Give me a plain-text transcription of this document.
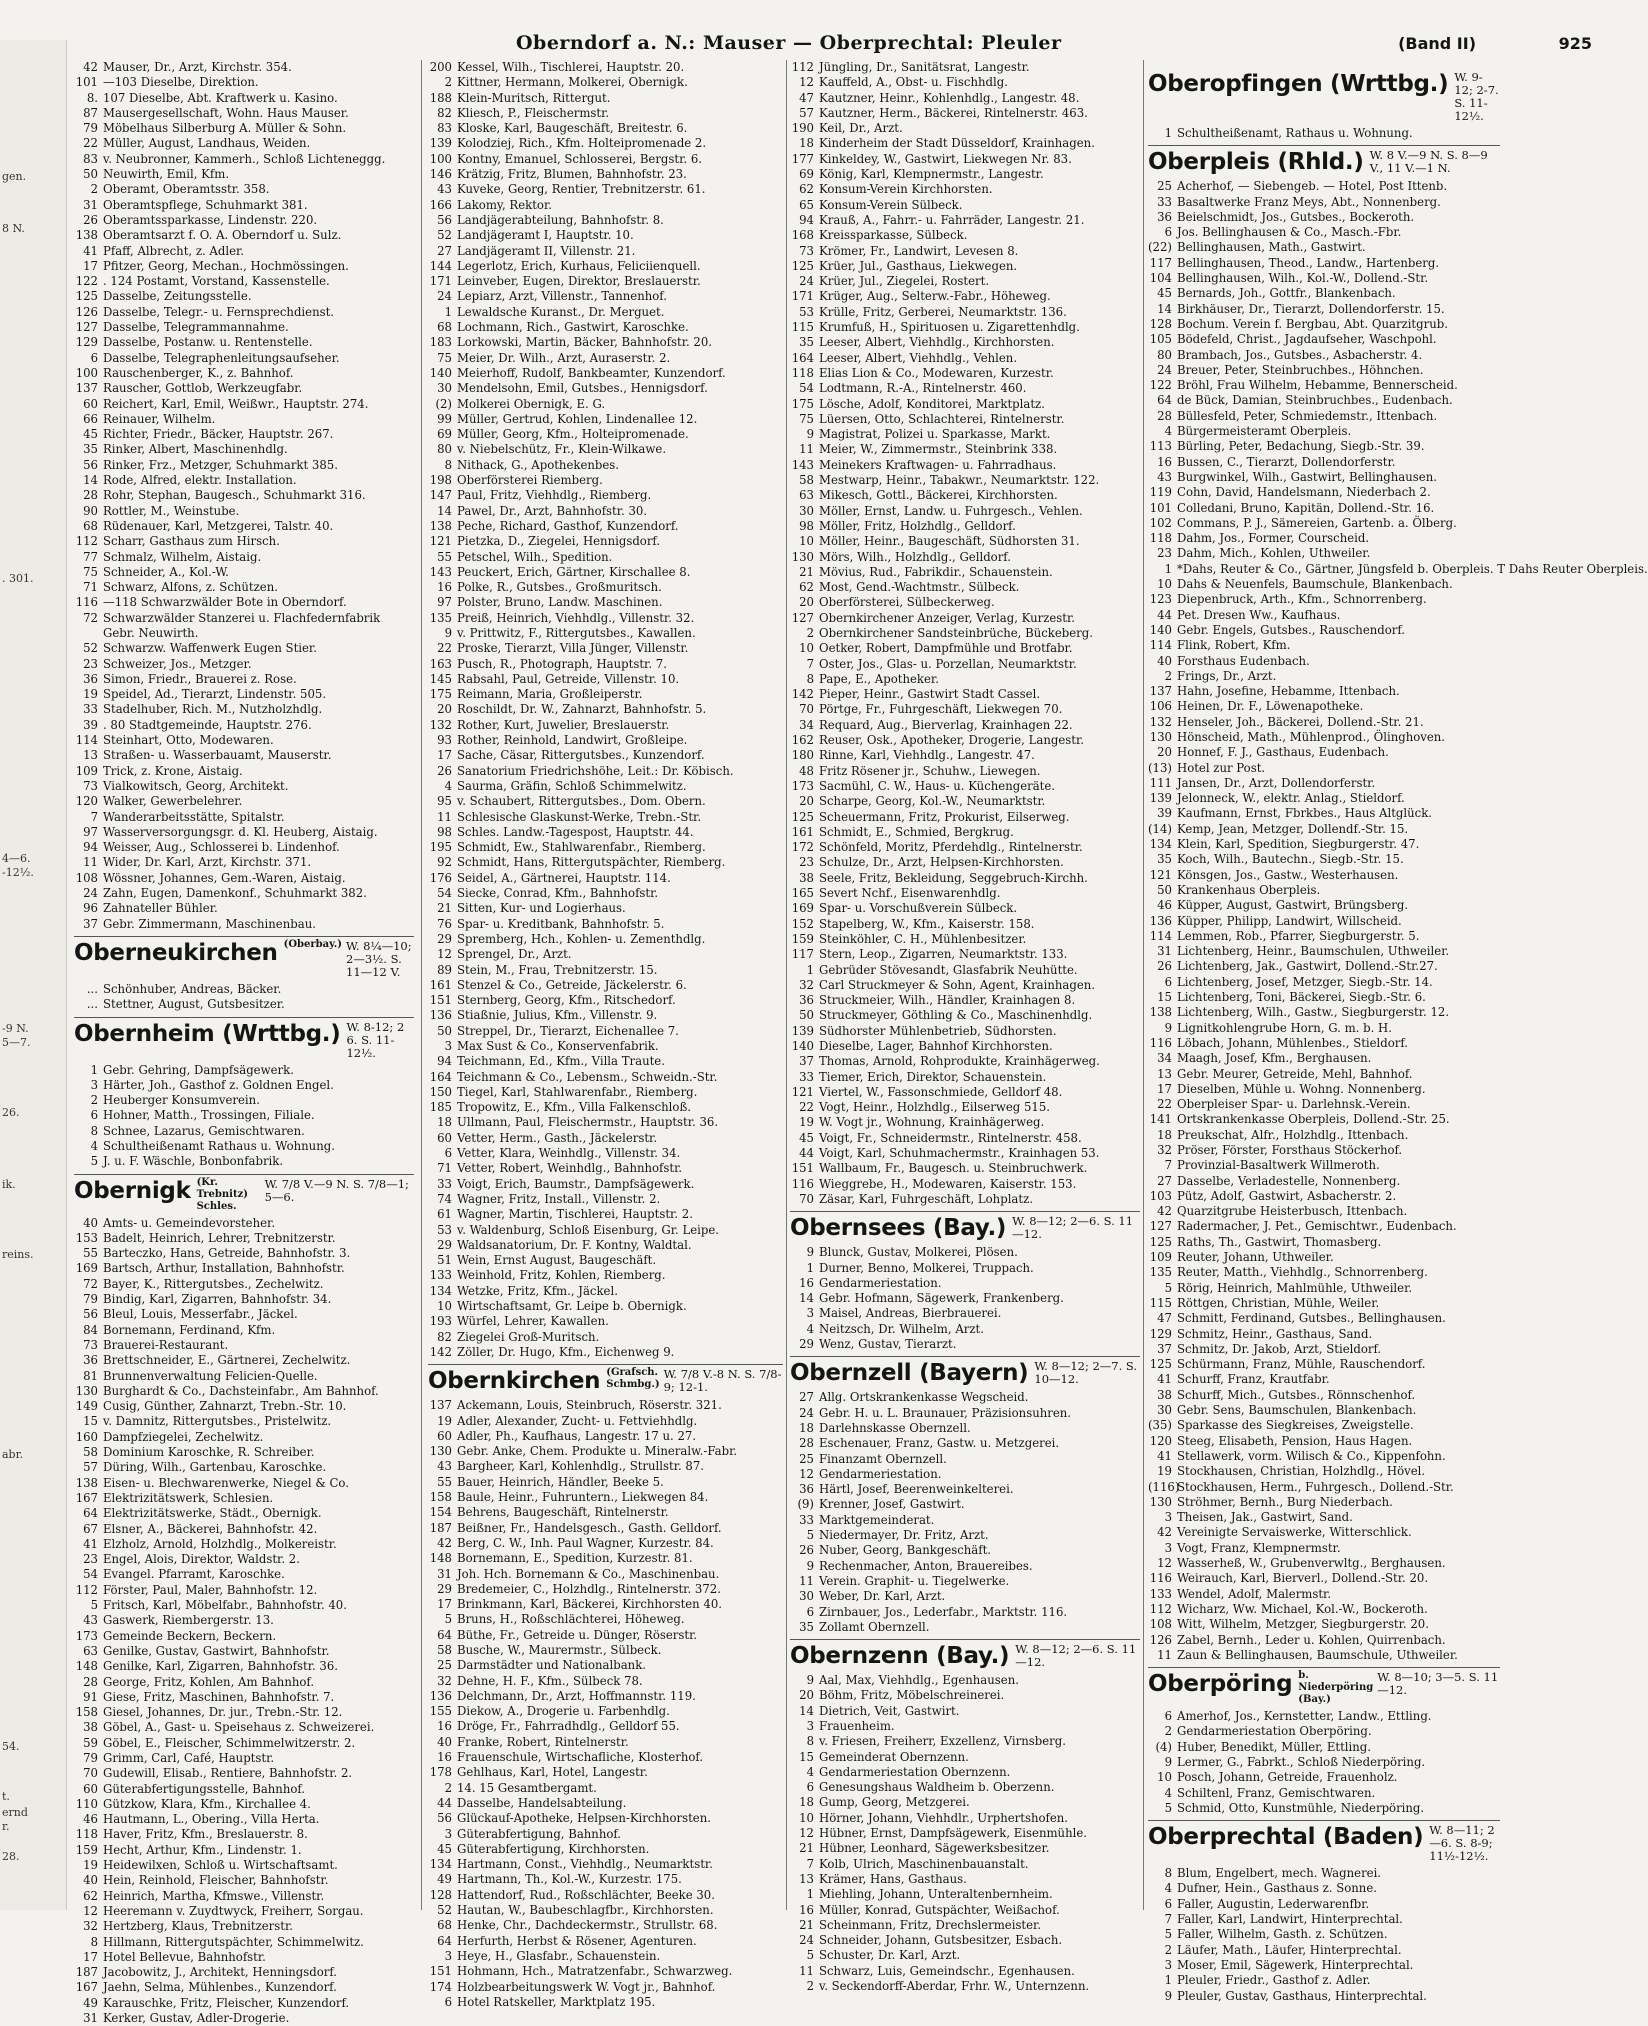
gen.
8 N.
. 301.
4—6.
-12½.
-9 N.
5—7.
26.
ik.
reins.
abr.
54.
t.
ernd
r.
28.
Oberndorf a. N.: Mauser — Oberprechtal: Pleuler	(Band II)	925
42 Mauser, Dr., Arzt, Kirchstr. 354.
101 —103 Dieselbe, Direktion.
8. 107 Dieselbe, Abt. Kraftwerk u. Kasino.
87 Mausergesellschaft, Wohn. Haus Mauser.
79 Möbelhaus Silberburg A. Müller & Sohn.
22 Müller, August, Landhaus, Weiden.
83 v. Neubronner, Kammerh., Schloß Lichteneggg.
50 Neuwirth, Emil, Kfm.
2 Oberamt, Oberamtsstr. 358.
31 Oberamtspflege, Schuhmarkt 381.
26 Oberamtssparkasse, Lindenstr. 220.
138 Oberamtsarzt f. O. A. Oberndorf u. Sulz.
41 Pfaff, Albrecht, z. Adler.
17 Pfitzer, Georg, Mechan., Hochmössingen.
122 . 124 Postamt, Vorstand, Kassenstelle.
125 Dasselbe, Zeitungsstelle.
126 Dasselbe, Telegr.- u. Fernsprechdienst.
127 Dasselbe, Telegrammannahme.
129 Dasselbe, Postanw. u. Rentenstelle.
6 Dasselbe, Telegraphenleitungsaufseher.
100 Rauschenberger, K., z. Bahnhof.
137 Rauscher, Gottlob, Werkzeugfabr.
60 Reichert, Karl, Emil, Weißwr., Hauptstr. 274.
66 Reinauer, Wilhelm.
45 Richter, Friedr., Bäcker, Hauptstr. 267.
35 Rinker, Albert, Maschinenhdlg.
56 Rinker, Frz., Metzger, Schuhmarkt 385.
14 Rode, Alfred, elektr. Installation.
28 Rohr, Stephan, Baugesch., Schuhmarkt 316.
90 Rottler, M., Weinstube.
68 Rüdenauer, Karl, Metzgerei, Talstr. 40.
112 Scharr, Gasthaus zum Hirsch.
77 Schmalz, Wilhelm, Aistaig.
75 Schneider, A., Kol.-W.
71 Schwarz, Alfons, z. Schützen.
116 —118 Schwarzwälder Bote in Oberndorf.
72 Schwarzwälder Stanzerei u. Flachfedernfabrik
Gebr. Neuwirth.
52 Schwarzw. Waffenwerk Eugen Stier.
23 Schweizer, Jos., Metzger.
36 Simon, Friedr., Brauerei z. Rose.
19 Speidel, Ad., Tierarzt, Lindenstr. 505.
33 Stadelhuber, Rich. M., Nutzholzhdlg.
39 . 80 Stadtgemeinde, Hauptstr. 276.
114 Steinhart, Otto, Modewaren.
13 Straßen- u. Wasserbauamt, Mauserstr.
109 Trick, z. Krone, Aistaig.
73 Vialkowitsch, Georg, Architekt.
120 Walker, Gewerbelehrer.
7 Wanderarbeitsstätte, Spitalstr.
97 Wasserversorgungsgr. d. Kl. Heuberg, Aistaig.
94 Weisser, Aug., Schlosserei b. Lindenhof.
11 Wider, Dr. Karl, Arzt, Kirchstr. 371.
108 Wössner, Johannes, Gem.-Waren, Aistaig.
24 Zahn, Eugen, Damenkonf., Schuhmarkt 382.
96 Zahnateller Bühler.
37 Gebr. Zimmermann, Maschinenbau.
Oberneukirchen (Oberbay.) W. 8¼—10; 2—3½. S. 11—12 V.
... Schönhuber, Andreas, Bäcker.
... Stettner, August, Gutsbesitzer.
Obernheim (Wrttbg.) W. 8-12; 2 6. S. 11-12½.
1 Gebr. Gehring, Dampfsägewerk.
3 Härter, Joh., Gasthof z. Goldnen Engel.
2 Heuberger Konsumverein.
6 Hohner, Matth., Trossingen, Filiale.
8 Schnee, Lazarus, Gemischtwaren.
4 Schultheißenamt Rathaus u. Wohnung.
5 J. u. F. Wäschle, Bonbonfabrik.
Obernigk (Kr. Trebnitz)
Schles.
W. 7/8 V.—9 N. S. 7/8—1; 5—6.
40 Amts- u. Gemeindevorsteher.
153 Badelt, Heinrich, Lehrer, Trebnitzerstr.
55 Barteczko, Hans, Getreide, Bahnhofstr. 3.
169 Bartsch, Arthur, Installation, Bahnhofstr.
72 Bayer, K., Rittergutsbes., Zechelwitz.
79 Bindig, Karl, Zigarren, Bahnhofstr. 34.
56 Bleul, Louis, Messerfabr., Jäckel.
84 Bornemann, Ferdinand, Kfm.
73 Brauerei-Restaurant.
36 Brettschneider, E., Gärtnerei, Zechelwitz.
81 Brunnenverwaltung Felicien-Quelle.
130 Burghardt & Co., Dachsteinfabr., Am Bahnhof.
149 Cusig, Günther, Zahnarzt, Trebn.-Str. 10.
15 v. Damnitz, Rittergutsbes., Pristelwitz.
160 Dampfziegelei, Zechelwitz.
58 Dominium Karoschke, R. Schreiber.
57 Düring, Wilh., Gartenbau, Karoschke.
138 Eisen- u. Blechwarenwerke, Niegel & Co.
167 Elektrizitätswerk, Schlesien.
64 Elektrizitätswerke, Städt., Obernigk.
67 Elsner, A., Bäckerei, Bahnhofstr. 42.
41 Elzholz, Arnold, Holzhdlg., Molkereistr.
23 Engel, Alois, Direktor, Waldstr. 2.
54 Evangel. Pfarramt, Karoschke.
112 Förster, Paul, Maler, Bahnhofstr. 12.
5 Fritsch, Karl, Möbelfabr., Bahnhofstr. 40.
43 Gaswerk, Riembergerstr. 13.
173 Gemeinde Beckern, Beckern.
63 Genilke, Gustav, Gastwirt, Bahnhofstr.
148 Genilke, Karl, Zigarren, Bahnhofstr. 36.
28 George, Fritz, Kohlen, Am Bahnhof.
91 Giese, Fritz, Maschinen, Bahnhofstr. 7.
158 Giesel, Johannes, Dr. jur., Trebn.-Str. 12.
38 Göbel, A., Gast- u. Speisehaus z. Schweizerei.
59 Göbel, E., Fleischer, Schimmelwitzerstr. 2.
79 Grimm, Carl, Café, Hauptstr.
70 Gudewill, Elisab., Rentiere, Bahnhofstr. 2.
60 Güterabfertigungsstelle, Bahnhof.
110 Gützkow, Klara, Kfm., Kirchallee 4.
46 Hautmann, L., Obering., Villa Herta.
118 Haver, Fritz, Kfm., Breslauerstr. 8.
159 Hecht, Arthur, Kfm., Lindenstr. 1.
19 Heidewilxen, Schloß u. Wirtschaftsamt.
40 Hein, Reinhold, Fleischer, Bahnhofstr.
62 Heinrich, Martha, Kfmswe., Villenstr.
12 Heeremann v. Zuydtwyck, Freiherr, Sorgau.
32 Hertzberg, Klaus, Trebnitzerstr.
8 Hillmann, Rittergutspächter, Schimmelwitz.
17 Hotel Bellevue, Bahnhofstr.
187 Jacobowitz, J., Architekt, Henningsdorf.
167 Jaehn, Selma, Mühlenbes., Kunzendorf.
49 Karauschke, Fritz, Fleischer, Kunzendorf.
31 Kerker, Gustav, Adler-Drogerie.
200 Kessel, Wilh., Tischlerei, Hauptstr. 20.
2 Kittner, Hermann, Molkerei, Obernigk.
188 Klein-Muritsch, Rittergut.
82 Kliesch, P., Fleischermstr.
83 Kloske, Karl, Baugeschäft, Breitestr. 6.
139 Kolodziej, Rich., Kfm. Holteipromenade 2.
100 Kontny, Emanuel, Schlosserei, Bergstr. 6.
146 Krätzig, Fritz, Blumen, Bahnhofstr. 23.
43 Kuveke, Georg, Rentier, Trebnitzerstr. 61.
166 Lakomy, Rektor.
56 Landjägerabteilung, Bahnhofstr. 8.
52 Landjägeramt I, Hauptstr. 10.
27 Landjägeramt II, Villenstr. 21.
144 Legerlotz, Erich, Kurhaus, Feliciienquell.
171 Leinveber, Eugen, Direktor, Breslauerstr.
24 Lepiarz, Arzt, Villenstr., Tannenhof.
1 Lewaldsche Kuranst., Dr. Merguet.
68 Lochmann, Rich., Gastwirt, Karoschke.
183 Lorkowski, Martin, Bäcker, Bahnhofstr. 20.
75 Meier, Dr. Wilh., Arzt, Auraserstr. 2.
140 Meierhoff, Rudolf, Bankbeamter, Kunzendorf.
30 Mendelsohn, Emil, Gutsbes., Hennigsdorf.
(2) Molkerei Obernigk, E. G.
99 Müller, Gertrud, Kohlen, Lindenallee 12.
69 Müller, Georg, Kfm., Holteipromenade.
80 v. Niebelschütz, Fr., Klein-Wilkawe.
8 Nithack, G., Apothekenbes.
198 Oberförsterei Riemberg.
147 Paul, Fritz, Viehhdlg., Riemberg.
14 Pawel, Dr., Arzt, Bahnhofstr. 30.
138 Peche, Richard, Gasthof, Kunzendorf.
121 Pietzka, D., Ziegelei, Hennigsdorf.
55 Petschel, Wilh., Spedition.
143 Peuckert, Erich, Gärtner, Kirschallee 8.
16 Polke, R., Gutsbes., Großmuritsch.
97 Polster, Bruno, Landw. Maschinen.
135 Preiß, Heinrich, Viehhdlg., Villenstr. 32.
9 v. Prittwitz, F., Rittergutsbes., Kawallen.
22 Proske, Tierarzt, Villa Jünger, Villenstr.
163 Pusch, R., Photograph, Hauptstr. 7.
145 Rabsahl, Paul, Getreide, Villenstr. 10.
175 Reimann, Maria, Großleiperstr.
20 Roschildt, Dr. W., Zahnarzt, Bahnhofstr. 5.
132 Rother, Kurt, Juwelier, Breslauerstr.
93 Rother, Reinhold, Landwirt, Großleipe.
17 Sache, Cäsar, Rittergutsbes., Kunzendorf.
26 Sanatorium Friedrichshöhe, Leit.: Dr. Köbisch.
4 Saurma, Gräfin, Schloß Schimmelwitz.
95 v. Schaubert, Rittergutsbes., Dom. Obern.
11 Schlesische Glaskunst-Werke, Trebn.-Str.
98 Schles. Landw.-Tagespost, Hauptstr. 44.
195 Schmidt, Ew., Stahlwarenfabr., Riemberg.
92 Schmidt, Hans, Rittergutspächter, Riemberg.
176 Seidel, A., Gärtnerei, Hauptstr. 114.
54 Siecke, Conrad, Kfm., Bahnhofstr.
21 Sitten, Kur- und Logierhaus.
76 Spar- u. Kreditbank, Bahnhofstr. 5.
29 Spremberg, Hch., Kohlen- u. Zementhdlg.
12 Sprengel, Dr., Arzt.
89 Stein, M., Frau, Trebnitzerstr. 15.
161 Stenzel & Co., Getreide, Jäckelerstr. 6.
151 Sternberg, Georg, Kfm., Ritschedorf.
136 Stiaßnie, Julius, Kfm., Villenstr. 9.
50 Streppel, Dr., Tierarzt, Eichenallee 7.
3 Max Sust & Co., Konservenfabrik.
94 Teichmann, Ed., Kfm., Villa Traute.
164 Teichmann & Co., Lebensm., Schweidn.-Str.
150 Tiegel, Karl, Stahlwarenfabr., Riemberg.
185 Tropowitz, E., Kfm., Villa Falkenschloß.
18 Ullmann, Paul, Fleischermstr., Hauptstr. 36.
60 Vetter, Herm., Gasth., Jäckelerstr.
6 Vetter, Klara, Weinhdlg., Villenstr. 34.
71 Vetter, Robert, Weinhdlg., Bahnhofstr.
33 Voigt, Erich, Baumstr., Dampfsägewerk.
74 Wagner, Fritz, Install., Villenstr. 2.
61 Wagner, Martin, Tischlerei, Hauptstr. 2.
53 v. Waldenburg, Schloß Eisenburg, Gr. Leipe.
29 Waldsanatorium, Dr. F. Kontny, Waldtal.
51 Wein, Ernst August, Baugeschäft.
133 Weinhold, Fritz, Kohlen, Riemberg.
134 Wetzke, Fritz, Kfm., Jäckel.
10 Wirtschaftsamt, Gr. Leipe b. Obernigk.
193 Würfel, Lehrer, Kawallen.
82 Ziegelei Groß-Muritsch.
142 Zöller, Dr. Hugo, Kfm., Eichenweg 9.
Obernkirchen (Grafsch.
Schmbg.)
W. 7/8 V.-8 N. S. 7/8-9; 12-1.
137 Ackemann, Louis, Steinbruch, Röserstr. 321.
19 Adler, Alexander, Zucht- u. Fettviehhdlg.
60 Adler, Ph., Kaufhaus, Langestr. 17 u. 27.
130 Gebr. Anke, Chem. Produkte u. Mineralw.-Fabr.
43 Bargheer, Karl, Kohlenhdlg., Strullstr. 87.
55 Bauer, Heinrich, Händler, Beeke 5.
158 Baule, Heinr., Fuhruntern., Liekwegen 84.
154 Behrens, Baugeschäft, Rintelnerstr.
187 Beißner, Fr., Handelsgesch., Gasth. Gelldorf.
42 Berg, C. W., Inh. Paul Wagner, Kurzestr. 84.
148 Bornemann, E., Spedition, Kurzestr. 81.
31 Joh. Hch. Bornemann & Co., Maschinenbau.
29 Bredemeier, C., Holzhdlg., Rintelnerstr. 372.
17 Brinkmann, Karl, Bäckerei, Kirchhorsten 40.
5 Bruns, H., Roßschlächterei, Höheweg.
64 Büthe, Fr., Getreide u. Dünger, Röserstr.
58 Busche, W., Maurermstr., Sülbeck.
25 Darmstädter und Nationalbank.
32 Dehne, H. F., Kfm., Sülbeck 78.
136 Delchmann, Dr., Arzt, Hoffmannstr. 119.
155 Diekow, A., Drogerie u. Farbenhdlg.
16 Dröge, Fr., Fahrradhdlg., Gelldorf 55.
40 Franke, Robert, Rintelnerstr.
16 Frauenschule, Wirtschafliche, Klosterhof.
178 Gehlhaus, Karl, Hotel, Langestr.
2 14. 15 Gesamtbergamt.
44 Dasselbe, Handelsabteilung.
56 Glückauf-Apotheke, Helpsen-Kirchhorsten.
3 Güterabfertigung, Bahnhof.
45 Güterabfertigung, Kirchhorsten.
134 Hartmann, Const., Viehhdlg., Neumarktstr.
49 Hartmann, Th., Kol.-W., Kurzestr. 175.
128 Hattendorf, Rud., Roßschlächter, Beeke 30.
52 Hautan, W., Baubeschlagfbr., Kirchhorsten.
68 Henke, Chr., Dachdeckermstr., Strullstr. 68.
64 Herfurth, Herbst & Rösener, Agenturen.
3 Heye, H., Glasfabr., Schauenstein.
151 Hohmann, Hch., Matratzenfabr., Schwarzweg.
174 Holzbearbeitungswerk W. Vogt jr., Bahnhof.
6 Hotel Ratskeller, Marktplatz 195.
112 Jüngling, Dr., Sanitätsrat, Langestr.
12 Kauffeld, A., Obst- u. Fischhdlg.
47 Kautzner, Heinr., Kohlenhdlg., Langestr. 48.
57 Kautzner, Herm., Bäckerei, Rintelnerstr. 463.
190 Keil, Dr., Arzt.
18 Kinderheim der Stadt Düsseldorf, Krainhagen.
177 Kinkeldey, W., Gastwirt, Liekwegen Nr. 83.
69 König, Karl, Klempnermstr., Langestr.
62 Konsum-Verein Kirchhorsten.
65 Konsum-Verein Sülbeck.
94 Krauß, A., Fahrr.- u. Fahrräder, Langestr. 21.
168 Kreissparkasse, Sülbeck.
73 Krömer, Fr., Landwirt, Levesen 8.
125 Krüer, Jul., Gasthaus, Liekwegen.
24 Krüer, Jul., Ziegelei, Rostert.
171 Krüger, Aug., Selterw.-Fabr., Höheweg.
53 Krülle, Fritz, Gerberei, Neumarktstr. 136.
115 Krumfuß, H., Spirituosen u. Zigarettenhdlg.
35 Leeser, Albert, Viehhdlg., Kirchhorsten.
164 Leeser, Albert, Viehhdlg., Vehlen.
118 Elias Lion & Co., Modewaren, Kurzestr.
54 Lodtmann, R.-A., Rintelnerstr. 460.
175 Lösche, Adolf, Konditorei, Marktplatz.
75 Lüersen, Otto, Schlachterei, Rintelnerstr.
9 Magistrat, Polizei u. Sparkasse, Markt.
11 Meier, W., Zimmermstr., Steinbrink 338.
143 Meinekers Kraftwagen- u. Fahrradhaus.
58 Mestwarp, Heinr., Tabakwr., Neumarktstr. 122.
63 Mikesch, Gottl., Bäckerei, Kirchhorsten.
30 Möller, Ernst, Landw. u. Fuhrgesch., Vehlen.
98 Möller, Fritz, Holzhdlg., Gelldorf.
10 Möller, Heinr., Baugeschäft, Südhorsten 31.
130 Mörs, Wilh., Holzhdlg., Gelldorf.
21 Mövius, Rud., Fabrikdir., Schauenstein.
62 Most, Gend.-Wachtmstr., Sülbeck.
20 Oberförsterei, Sülbeckerweg.
127 Obernkirchener Anzeiger, Verlag, Kurzestr.
2 Obernkirchener Sandsteinbrüche, Bückeberg.
10 Oetker, Robert, Dampfmühle und Brotfabr.
7 Oster, Jos., Glas- u. Porzellan, Neumarktstr.
8 Pape, E., Apotheker.
142 Pieper, Heinr., Gastwirt Stadt Cassel.
70 Pörtge, Fr., Fuhrgeschäft, Liekwegen 70.
34 Requard, Aug., Bierverlag, Krainhagen 22.
162 Reuser, Osk., Apotheker, Drogerie, Langestr.
180 Rinne, Karl, Viehhdlg., Langestr. 47.
48 Fritz Rösener jr., Schuhw., Liewegen.
173 Sacmühl, C. W., Haus- u. Küchengeräte.
20 Scharpe, Georg, Kol.-W., Neumarktstr.
125 Scheuermann, Fritz, Prokurist, Eilserweg.
161 Schmidt, E., Schmied, Bergkrug.
172 Schönfeld, Moritz, Pferdehdlg., Rintelnerstr.
23 Schulze, Dr., Arzt, Helpsen-Kirchhorsten.
38 Seele, Fritz, Bekleidung, Seggebruch-Kirchh.
165 Severt Nchf., Eisenwarenhdlg.
169 Spar- u. Vorschußverein Sülbeck.
152 Stapelberg, W., Kfm., Kaiserstr. 158.
159 Steinköhler, C. H., Mühlenbesitzer.
117 Stern, Leop., Zigarren, Neumarktstr. 133.
1 Gebrüder Stövesandt, Glasfabrik Neuhütte.
32 Carl Struckmeyer & Sohn, Agent, Krainhagen.
36 Struckmeier, Wilh., Händler, Krainhagen 8.
50 Struckmeyer, Göthling & Co., Maschinenhdlg.
139 Südhorster Mühlenbetrieb, Südhorsten.
140 Dieselbe, Lager, Bahnhof Kirchhorsten.
37 Thomas, Arnold, Rohprodukte, Krainhägerweg.
33 Tiemer, Erich, Direktor, Schauenstein.
121 Viertel, W., Fassonschmiede, Gelldorf 48.
22 Vogt, Heinr., Holzhdlg., Eilserweg 515.
19 W. Vogt jr., Wohnung, Krainhägerweg.
45 Voigt, Fr., Schneidermstr., Rintelnerstr. 458.
44 Voigt, Karl, Schuhmachermstr., Krainhagen 53.
151 Wallbaum, Fr., Baugesch. u. Steinbruchwerk.
116 Wieggrebe, H., Modewaren, Kaiserstr. 153.
70 Zäsar, Karl, Fuhrgeschäft, Lohplatz.
Obernsees (Bay.) W. 8—12; 2—6. S. 11—12.
9 Blunck, Gustav, Molkerei, Plösen.
1 Durner, Benno, Molkerei, Truppach.
16 Gendarmeriestation.
14 Gebr. Hofmann, Sägewerk, Frankenberg.
3 Maisel, Andreas, Bierbrauerei.
4 Neitzsch, Dr. Wilhelm, Arzt.
29 Wenz, Gustav, Tierarzt.
Obernzell (Bayern) W. 8—12; 2—7. S. 10—12.
27 Allg. Ortskrankenkasse Wegscheid.
24 Gebr. H. u. L. Braunauer, Präzisionsuhren.
18 Darlehnskasse Obernzell.
28 Eschenauer, Franz, Gastw. u. Metzgerei.
25 Finanzamt Obernzell.
12 Gendarmeriestation.
36 Härtl, Josef, Beerenweinkelterei.
(9) Krenner, Josef, Gastwirt.
33 Marktgemeinderat.
5 Niedermayer, Dr. Fritz, Arzt.
26 Nuber, Georg, Bankgeschäft.
9 Rechenmacher, Anton, Brauereibes.
11 Verein. Graphit- u. Tiegelwerke.
30 Weber, Dr. Karl, Arzt.
6 Zirnbauer, Jos., Lederfabr., Marktstr. 116.
35 Zollamt Obernzell.
Obernzenn (Bay.) W. 8—12; 2—6. S. 11—12.
9 Aal, Max, Viehhdlg., Egenhausen.
20 Böhm, Fritz, Möbelschreinerei.
14 Dietrich, Veit, Gastwirt.
3 Frauenheim.
8 v. Friesen, Freiherr, Exzellenz, Virnsberg.
15 Gemeinderat Obernzenn.
4 Gendarmeriestation Obernzenn.
6 Genesungshaus Waldheim b. Oberzenn.
18 Gump, Georg, Metzgerei.
10 Hörner, Johann, Viehhdlr., Urphertshofen.
12 Hübner, Ernst, Dampfsägewerk, Eisenmühle.
21 Hübner, Leonhard, Sägewerksbesitzer.
7 Kolb, Ulrich, Maschinenbauanstalt.
13 Krämer, Hans, Gasthaus.
1 Miehling, Johann, Unteraltenbernheim.
16 Müller, Konrad, Gutspächter, Weißachof.
21 Scheinmann, Fritz, Drechslermeister.
24 Schneider, Johann, Gutsbesitzer, Esbach.
5 Schuster, Dr. Karl, Arzt.
11 Schwarz, Luis, Gemeindschr., Egenhausen.
2 v. Seckendorff-Aberdar, Frhr. W., Unternzenn.
Oberopfingen (Wrttbg.) W. 9-12; 2-7. S. 11-12½.
1 Schultheißenamt, Rathaus u. Wohnung.
Oberpleis (Rhld.) W. 8 V.—9 N. S. 8—9 V., 11 V.—1 N.
25 Acherhof, — Siebengeb. — Hotel, Post Ittenb.
33 Basaltwerke Franz Meys, Abt., Nonnenberg.
36 Beielschmidt, Jos., Gutsbes., Bockeroth.
6 Jos. Bellinghausen & Co., Masch.-Fbr.
(22) Bellinghausen, Math., Gastwirt.
117 Bellinghausen, Theod., Landw., Hartenberg.
104 Bellinghausen, Wilh., Kol.-W., Dollend.-Str.
45 Bernards, Joh., Gottfr., Blankenbach.
14 Birkhäuser, Dr., Tierarzt, Dollendorferstr. 15.
128 Bochum. Verein f. Bergbau, Abt. Quarzitgrub.
105 Bödefeld, Christ., Jagdaufseher, Waschpohl.
80 Brambach, Jos., Gutsbes., Asbacherstr. 4.
24 Breuer, Peter, Steinbruchbes., Höhnchen.
122 Bröhl, Frau Wilhelm, Hebamme, Bennerscheid.
64 de Bück, Damian, Steinbruchbes., Eudenbach.
28 Büllesfeld, Peter, Schmiedemstr., Ittenbach.
4 Bürgermeisteramt Oberpleis.
113 Bürling, Peter, Bedachung, Siegb.-Str. 39.
16 Bussen, C., Tierarzt, Dollendorferstr.
43 Burgwinkel, Wilh., Gastwirt, Bellinghausen.
119 Cohn, David, Handelsmann, Niederbach 2.
101 Colledani, Bruno, Kapitän, Dollend.-Str. 16.
102 Commans, P. J., Sämereien, Gartenb. a. Ölberg.
118 Dahm, Jos., Former, Courscheid.
23 Dahm, Mich., Kohlen, Uthweiler.
1 *Dahs, Reuter & Co., Gärtner, Jüngsfeld b. Oberpleis. T Dahs Reuter Oberpleis.
10 Dahs & Neuenfels, Baumschule, Blankenbach.
123 Diepenbruck, Arth., Kfm., Schnorrenberg.
44 Pet. Dresen Ww., Kaufhaus.
140 Gebr. Engels, Gutsbes., Rauschendorf.
114 Flink, Robert, Kfm.
40 Forsthaus Eudenbach.
2 Frings, Dr., Arzt.
137 Hahn, Josefine, Hebamme, Ittenbach.
106 Heinen, Dr. F., Löwenapotheke.
132 Henseler, Joh., Bäckerei, Dollend.-Str. 21.
130 Hönscheid, Math., Mühlenprod., Ölinghoven.
20 Honnef, F. J., Gasthaus, Eudenbach.
(13) Hotel zur Post.
111 Jansen, Dr., Arzt, Dollendorferstr.
139 Jelonneck, W., elektr. Anlag., Stieldorf.
39 Kaufmann, Ernst, Fbrkbes., Haus Altglück.
(14) Kemp, Jean, Metzger, Dollendf.-Str. 15.
134 Klein, Karl, Spedition, Siegburgerstr. 47.
35 Koch, Wilh., Bautechn., Siegb.-Str. 15.
121 Könsgen, Jos., Gastw., Westerhausen.
50 Krankenhaus Oberpleis.
46 Küpper, August, Gastwirt, Brüngsberg.
136 Küpper, Philipp, Landwirt, Willscheid.
114 Lemmen, Rob., Pfarrer, Siegburgerstr. 5.
31 Lichtenberg, Heinr., Baumschulen, Uthweiler.
26 Lichtenberg, Jak., Gastwirt, Dollend.-Str.27.
6 Lichtenberg, Josef, Metzger, Siegb.-Str. 14.
15 Lichtenberg, Toni, Bäckerei, Siegb.-Str. 6.
138 Lichtenberg, Wilh., Gastw., Siegburgerstr. 12.
9 Lignitkohlengrube Horn, G. m. b. H.
116 Löbach, Johann, Mühlenbes., Stieldorf.
34 Maagh, Josef, Kfm., Berghausen.
13 Gebr. Meurer, Getreide, Mehl, Bahnhof.
17 Dieselben, Mühle u. Wohng. Nonnenberg.
22 Oberpleiser Spar- u. Darlehnsk.-Verein.
141 Ortskrankenkasse Oberpleis, Dollend.-Str. 25.
18 Preukschat, Alfr., Holzhdlg., Ittenbach.
32 Pröser, Förster, Forsthaus Stöckerhof.
7 Provinzial-Basaltwerk Willmeroth.
27 Dasselbe, Verladestelle, Nonnenberg.
103 Pütz, Adolf, Gastwirt, Asbacherstr. 2.
42 Quarzitgrube Heisterbusch, Ittenbach.
127 Radermacher, J. Pet., Gemischtwr., Eudenbach.
125 Raths, Th., Gastwirt, Thomasberg.
109 Reuter, Johann, Uthweiler.
135 Reuter, Matth., Viehhdlg., Schnorrenberg.
5 Rörig, Heinrich, Mahlmühle, Uthweiler.
115 Röttgen, Christian, Mühle, Weiler.
47 Schmitt, Ferdinand, Gutsbes., Bellinghausen.
129 Schmitz, Heinr., Gasthaus, Sand.
37 Schmitz, Dr. Jakob, Arzt, Stieldorf.
125 Schürmann, Franz, Mühle, Rauschendorf.
41 Schurff, Franz, Krautfabr.
38 Schurff, Mich., Gutsbes., Rönnschenhof.
30 Gebr. Sens, Baumschulen, Blankenbach.
(35) Sparkasse des Siegkreises, Zweigstelle.
120 Steeg, Elisabeth, Pension, Haus Hagen.
41 Stellawerk, vorm. Wilisch & Co., Kippenfohn.
19 Stockhausen, Christian, Holzhdlg., Hövel.
(116)
Stockhausen, Herm., Fuhrgesch., Dollend.-Str.
130 Ströhmer, Bernh., Burg Niederbach.
3 Theisen, Jak., Gastwirt, Sand.
42 Vereinigte Servaiswerke, Witterschlick.
3 Vogt, Franz, Klempnermstr.
12 Wasserheß, W., Grubenverwltg., Berghausen.
116 Weirauch, Karl, Bierverl., Dollend.-Str. 20.
133 Wendel, Adolf, Malermstr.
112 Wicharz, Ww. Michael, Kol.-W., Bockeroth.
108 Witt, Wilhelm, Metzger, Siegburgerstr. 20.
126 Zabel, Bernh., Leder u. Kohlen, Quirrenbach.
11 Zaun & Bellinghausen, Baumschule, Uthweiler.
Oberpöring b. Niederpöring
(Bay.)
W. 8—10; 3—5. S. 11—12.
6 Amerhof, Jos., Kernstetter, Landw., Ettling.
2 Gendarmeriestation Oberpöring.
(4) Huber, Benedikt, Müller, Ettling.
9 Lermer, G., Fabrkt., Schloß Niederpöring.
10 Posch, Johann, Getreide, Frauenholz.
4 Schiltenl, Franz, Gemischtwaren.
5 Schmid, Otto, Kunstmühle, Niederpöring.
Oberprechtal (Baden) W. 8—11; 2—6. S. 8-9; 11½-12½.
8 Blum, Engelbert, mech. Wagnerei.
4 Dufner, Hein., Gasthaus z. Sonne.
6 Faller, Augustin, Lederwarenfbr.
7 Faller, Karl, Landwirt, Hinterprechtal.
5 Faller, Wilhelm, Gasth. z. Schützen.
2 Läufer, Math., Läufer, Hinterprechtal.
3 Moser, Emil, Sägewerk, Hinterprechtal.
1 Pleuler, Friedr., Gasthof z. Adler.
9 Pleuler, Gustav, Gasthaus, Hinterprechtal.
